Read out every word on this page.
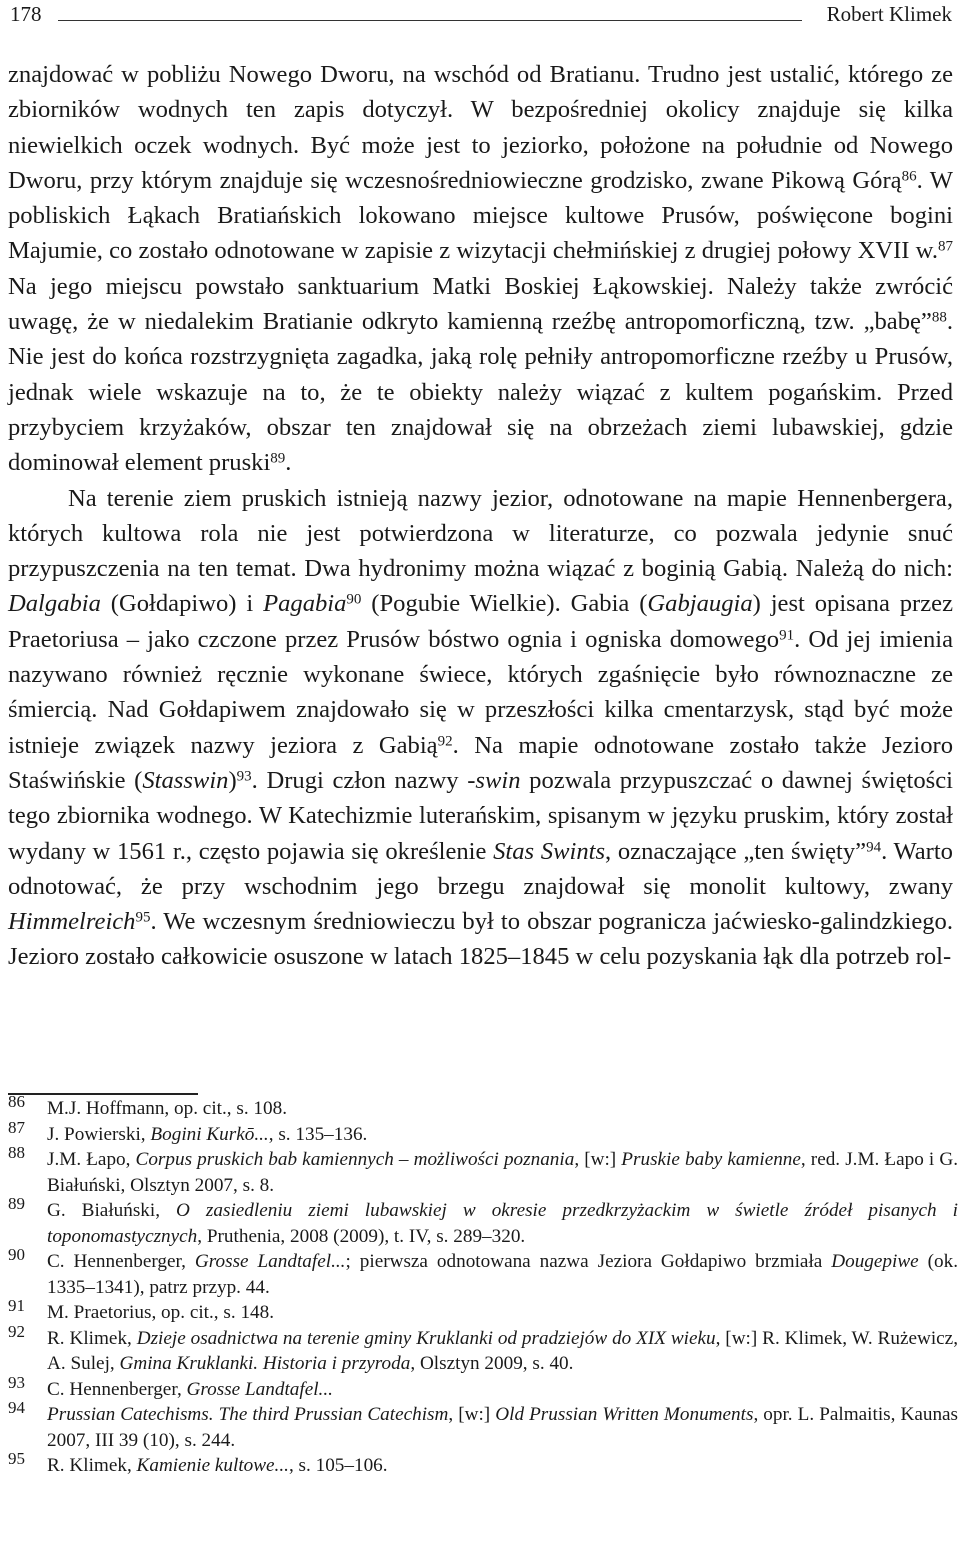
178	Robert Klimek

znajdować w pobliżu Nowego Dworu, na wschód od Bratianu. Trudno jest ustalić, którego ze zbiorników wodnych ten zapis dotyczył. W bezpośredniej okolicy znajduje się kilka niewielkich oczek wodnych. Być może jest to jeziorko, położone na południe od Nowego Dworu, przy którym znajduje się wczesnośredniowieczne grodzisko, zwane Pikową Górą$^{86}$. W pobliskich Łąkach Bratiańskich lokowano miejsce kultowe Prusów, poświęcone bogini Majumie, co zostało odnotowane w zapisie z wizytacji chełmińskiej z drugiej połowy XVII w.$^{87}$ Na jego miejscu powstało sanktuarium Matki Boskiej Łąkowskiej. Należy także zwrócić uwagę, że w niedalekim Bratianie odkryto kamienną rzeźbę antropomorficzną, tzw. „babę”$^{88}$. Nie jest do końca rozstrzygnięta zagadka, jaką rolę pełniły antropomorficzne rzeźby u Prusów, jednak wiele wskazuje na to, że te obiekty należy wiązać z kultem pogańskim. Przed przybyciem krzyżaków, obszar ten znajdował się na obrzeżach ziemi lubawskiej, gdzie dominował element pruski$^{89}$.

Na terenie ziem pruskich istnieją nazwy jezior, odnotowane na mapie Hennenbergera, których kultowa rola nie jest potwierdzona w literaturze, co pozwala jedynie snuć przypuszczenia na ten temat. Dwa hydronimy można wiązać z boginią Gabią. Należą do nich: Dalgabia (Gołdapiwo) i Pagabia$^{90}$ (Pogubie Wielkie). Gabia (Gabjaugia) jest opisana przez Praetoriusa – jako czczone przez Prusów bóstwo ognia i ogniska domowego$^{91}$. Od jej imienia nazywano również ręcznie wykonane świece, których zgaśnięcie było równoznaczne ze śmiercią. Nad Gołdapiwem znajdowało się w przeszłości kilka cmentarzysk, stąd być może istnieje związek nazwy jeziora z Gabią$^{92}$. Na mapie odnotowane zostało także Jezioro Staświńskie (Stasswin)$^{93}$. Drugi człon nazwy -swin pozwala przypuszczać o dawnej świętości tego zbiornika wodnego. W Katechizmie luterańskim, spisanym w języku pruskim, który został wydany w 1561 r., często pojawia się określenie Stas Swints, oznaczające „ten święty”$^{94}$. Warto odnotować, że przy wschodnim jego brzegu znajdował się monolit kultowy, zwany Himmelreich$^{95}$. We wczesnym średniowieczu był to obszar pogranicza jaćwiesko-galindzkiego. Jezioro zostało całkowicie osuszone w latach 1825–1845 w celu pozyskania łąk dla potrzeb rol-

86 M.J. Hoffmann, op. cit., s. 108.
87 J. Powierski, Bogini Kurkō..., s. 135–136.
88 J.M. Łapo, Corpus pruskich bab kamiennych – możliwości poznania, [w:] Pruskie baby kamienne, red. J.M. Łapo i G. Białuński, Olsztyn 2007, s. 8.
89 G. Białuński, O zasiedleniu ziemi lubawskiej w okresie przedkrzyżackim w świetle źródeł pisanych i toponomastycznych, Pruthenia, 2008 (2009), t. IV, s. 289–320.
90 C. Hennenberger, Grosse Landtafel...; pierwsza odnotowana nazwa Jeziora Gołdapiwo brzmiała Dougepiwe (ok. 1335–1341), patrz przyp. 44.
91 M. Praetorius, op. cit., s. 148.
92 R. Klimek, Dzieje osadnictwa na terenie gminy Kruklanki od pradziejów do XIX wieku, [w:] R. Klimek, W. Rużewicz, A. Sulej, Gmina Kruklanki. Historia i przyroda, Olsztyn 2009, s. 40.
93 C. Hennenberger, Grosse Landtafel...
94 Prussian Catechisms. The third Prussian Catechism, [w:] Old Prussian Written Monuments, opr. L. Palmaitis, Kaunas 2007, III 39 (10), s. 244.
95 R. Klimek, Kamienie kultowe..., s. 105–106.
